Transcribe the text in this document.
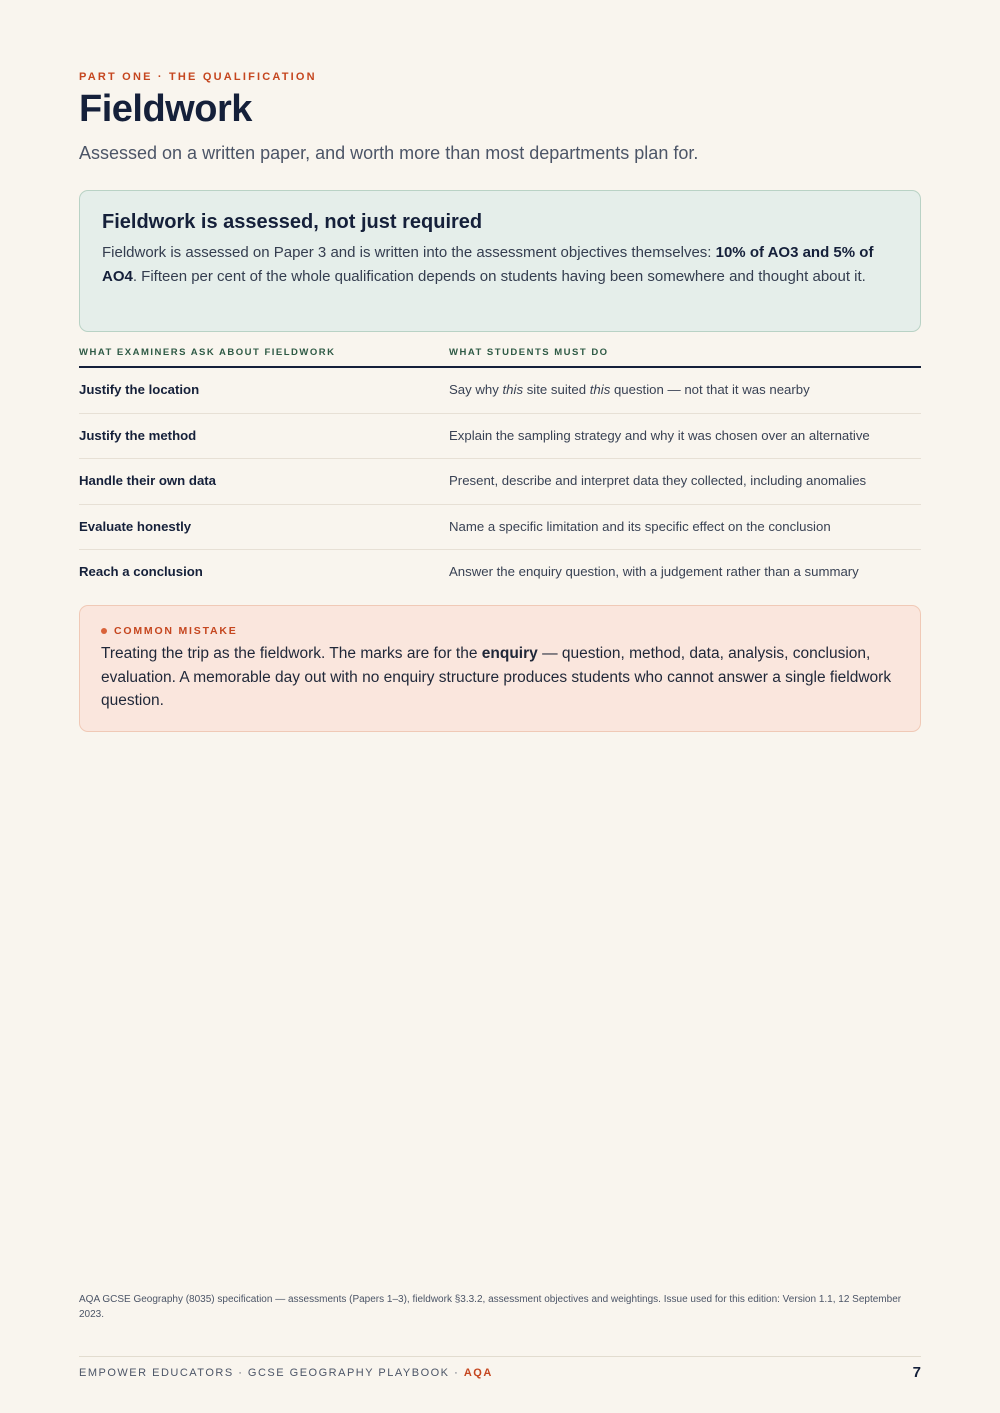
PART ONE · THE QUALIFICATION
Fieldwork
Assessed on a written paper, and worth more than most departments plan for.
Fieldwork is assessed, not just required
Fieldwork is assessed on Paper 3 and is written into the assessment objectives themselves: 10% of AO3 and 5% of AO4. Fifteen per cent of the whole qualification depends on students having been somewhere and thought about it.
WHAT EXAMINERS ASK ABOUT FIELDWORK	WHAT STUDENTS MUST DO
Justify the location	Say why this site suited this question — not that it was nearby
Justify the method	Explain the sampling strategy and why it was chosen over an alternative
Handle their own data	Present, describe and interpret data they collected, including anomalies
Evaluate honestly	Name a specific limitation and its specific effect on the conclusion
Reach a conclusion	Answer the enquiry question, with a judgement rather than a summary
COMMON MISTAKE
Treating the trip as the fieldwork. The marks are for the enquiry — question, method, data, analysis, conclusion, evaluation. A memorable day out with no enquiry structure produces students who cannot answer a single fieldwork question.
AQA GCSE Geography (8035) specification — assessments (Papers 1–3), fieldwork §3.3.2, assessment objectives and weightings. Issue used for this edition: Version 1.1, 12 September 2023.
EMPOWER EDUCATORS · GCSE GEOGRAPHY PLAYBOOK · AQA	7
